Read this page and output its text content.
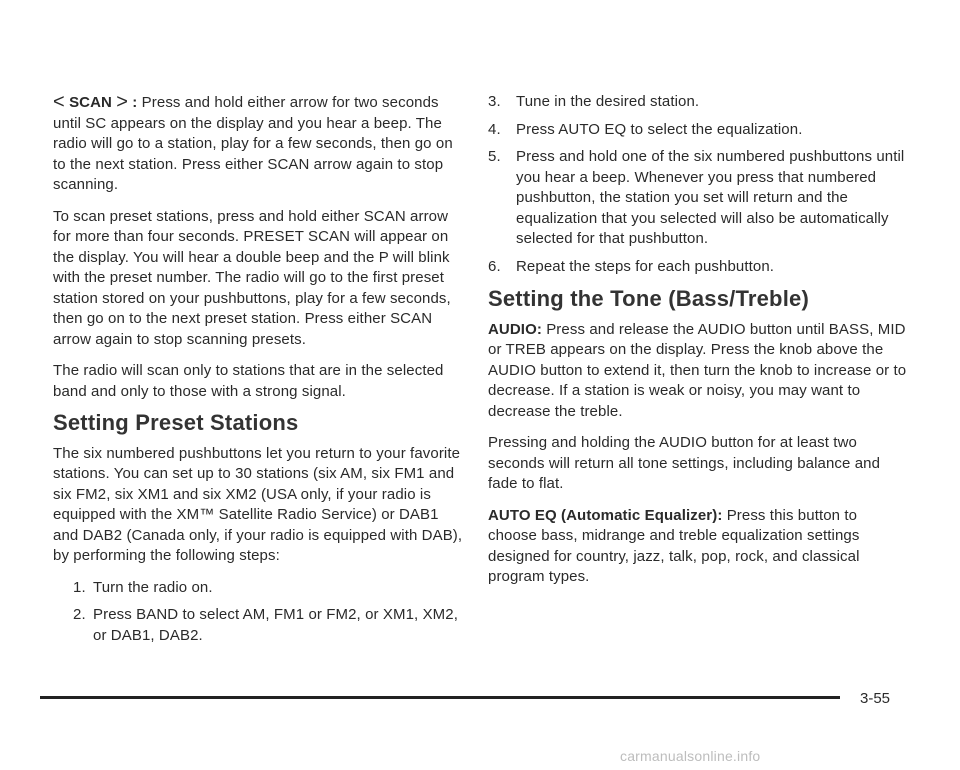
< SCAN > : Press and hold either arrow for two seconds until SC appears on the display and you hear a beep. The radio will go to a station, play for a few seconds, then go on to the next station. Press either SCAN arrow again to stop scanning.

To scan preset stations, press and hold either SCAN arrow for more than four seconds. PRESET SCAN will appear on the display. You will hear a double beep and the P will blink with the preset number. The radio will go to the first preset station stored on your pushbuttons, play for a few seconds, then go on to the next preset station. Press either SCAN arrow again to stop scanning presets.

The radio will scan only to stations that are in the selected band and only to those with a strong signal.

Setting Preset Stations

The six numbered pushbuttons let you return to your favorite stations. You can set up to 30 stations (six AM, six FM1 and six FM2, six XM1 and six XM2 (USA only, if your radio is equipped with the XM™ Satellite Radio Service) or DAB1 and DAB2 (Canada only, if your radio is equipped with DAB), by performing the following steps:

1. Turn the radio on.
2. Press BAND to select AM, FM1 or FM2, or XM1, XM2, or DAB1, DAB2.
3. Tune in the desired station.
4. Press AUTO EQ to select the equalization.
5. Press and hold one of the six numbered pushbuttons until you hear a beep. Whenever you press that numbered pushbutton, the station you set will return and the equalization that you selected will also be automatically selected for that pushbutton.
6. Repeat the steps for each pushbutton.
Setting the Tone (Bass/Treble)

AUDIO: Press and release the AUDIO button until BASS, MID or TREB appears on the display. Press the knob above the AUDIO button to extend it, then turn the knob to increase or to decrease. If a station is weak or noisy, you may want to decrease the treble.

Pressing and holding the AUDIO button for at least two seconds will return all tone settings, including balance and fade to flat.

AUTO EQ (Automatic Equalizer): Press this button to choose bass, midrange and treble equalization settings designed for country, jazz, talk, pop, rock, and classical program types.

3-55
carmanualsonline.info
